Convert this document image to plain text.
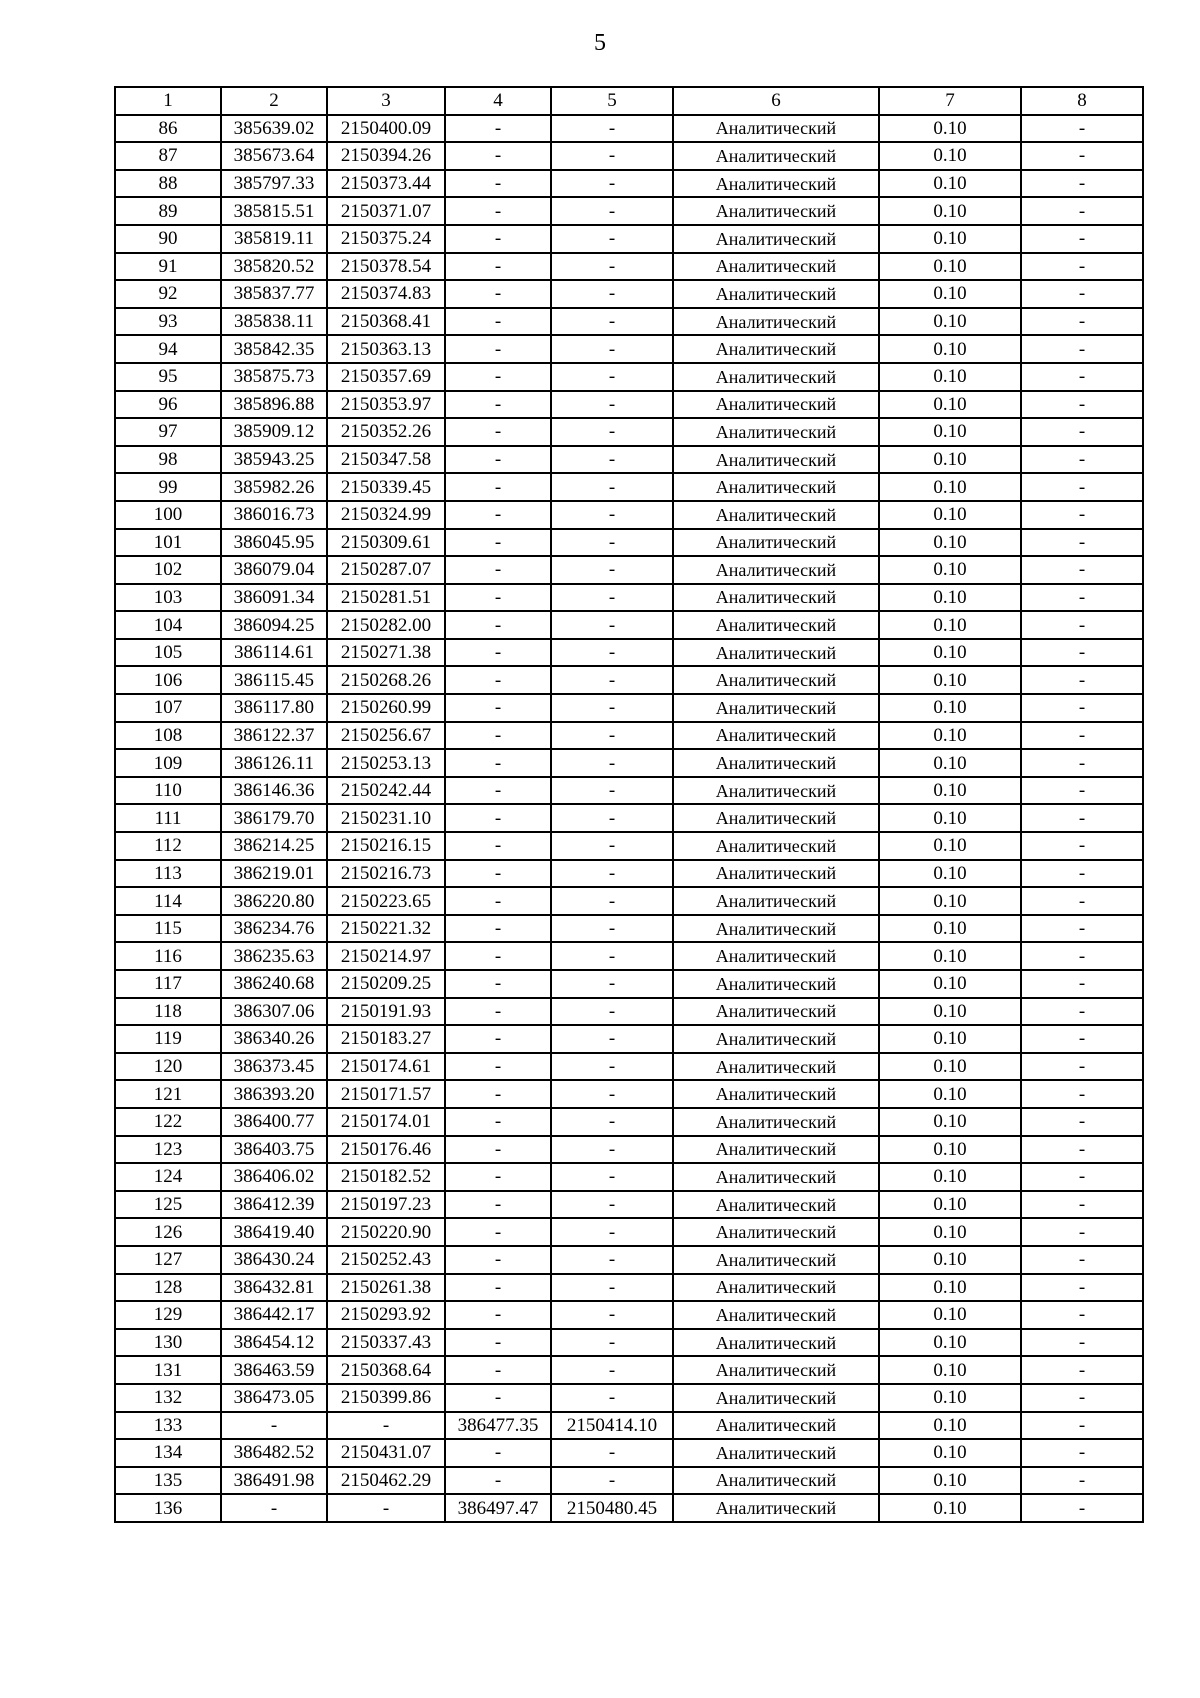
5
1	2	3	4	5	6	7	8
86	385639.02	2150400.09	-	-	Аналитический	0.10	-
87	385673.64	2150394.26	-	-	Аналитический	0.10	-
88	385797.33	2150373.44	-	-	Аналитический	0.10	-
89	385815.51	2150371.07	-	-	Аналитический	0.10	-
90	385819.11	2150375.24	-	-	Аналитический	0.10	-
91	385820.52	2150378.54	-	-	Аналитический	0.10	-
92	385837.77	2150374.83	-	-	Аналитический	0.10	-
93	385838.11	2150368.41	-	-	Аналитический	0.10	-
94	385842.35	2150363.13	-	-	Аналитический	0.10	-
95	385875.73	2150357.69	-	-	Аналитический	0.10	-
96	385896.88	2150353.97	-	-	Аналитический	0.10	-
97	385909.12	2150352.26	-	-	Аналитический	0.10	-
98	385943.25	2150347.58	-	-	Аналитический	0.10	-
99	385982.26	2150339.45	-	-	Аналитический	0.10	-
100	386016.73	2150324.99	-	-	Аналитический	0.10	-
101	386045.95	2150309.61	-	-	Аналитический	0.10	-
102	386079.04	2150287.07	-	-	Аналитический	0.10	-
103	386091.34	2150281.51	-	-	Аналитический	0.10	-
104	386094.25	2150282.00	-	-	Аналитический	0.10	-
105	386114.61	2150271.38	-	-	Аналитический	0.10	-
106	386115.45	2150268.26	-	-	Аналитический	0.10	-
107	386117.80	2150260.99	-	-	Аналитический	0.10	-
108	386122.37	2150256.67	-	-	Аналитический	0.10	-
109	386126.11	2150253.13	-	-	Аналитический	0.10	-
110	386146.36	2150242.44	-	-	Аналитический	0.10	-
111	386179.70	2150231.10	-	-	Аналитический	0.10	-
112	386214.25	2150216.15	-	-	Аналитический	0.10	-
113	386219.01	2150216.73	-	-	Аналитический	0.10	-
114	386220.80	2150223.65	-	-	Аналитический	0.10	-
115	386234.76	2150221.32	-	-	Аналитический	0.10	-
116	386235.63	2150214.97	-	-	Аналитический	0.10	-
117	386240.68	2150209.25	-	-	Аналитический	0.10	-
118	386307.06	2150191.93	-	-	Аналитический	0.10	-
119	386340.26	2150183.27	-	-	Аналитический	0.10	-
120	386373.45	2150174.61	-	-	Аналитический	0.10	-
121	386393.20	2150171.57	-	-	Аналитический	0.10	-
122	386400.77	2150174.01	-	-	Аналитический	0.10	-
123	386403.75	2150176.46	-	-	Аналитический	0.10	-
124	386406.02	2150182.52	-	-	Аналитический	0.10	-
125	386412.39	2150197.23	-	-	Аналитический	0.10	-
126	386419.40	2150220.90	-	-	Аналитический	0.10	-
127	386430.24	2150252.43	-	-	Аналитический	0.10	-
128	386432.81	2150261.38	-	-	Аналитический	0.10	-
129	386442.17	2150293.92	-	-	Аналитический	0.10	-
130	386454.12	2150337.43	-	-	Аналитический	0.10	-
131	386463.59	2150368.64	-	-	Аналитический	0.10	-
132	386473.05	2150399.86	-	-	Аналитический	0.10	-
133	-	-	386477.35	2150414.10	Аналитический	0.10	-
134	386482.52	2150431.07	-	-	Аналитический	0.10	-
135	386491.98	2150462.29	-	-	Аналитический	0.10	-
136	-	-	386497.47	2150480.45	Аналитический	0.10	-
